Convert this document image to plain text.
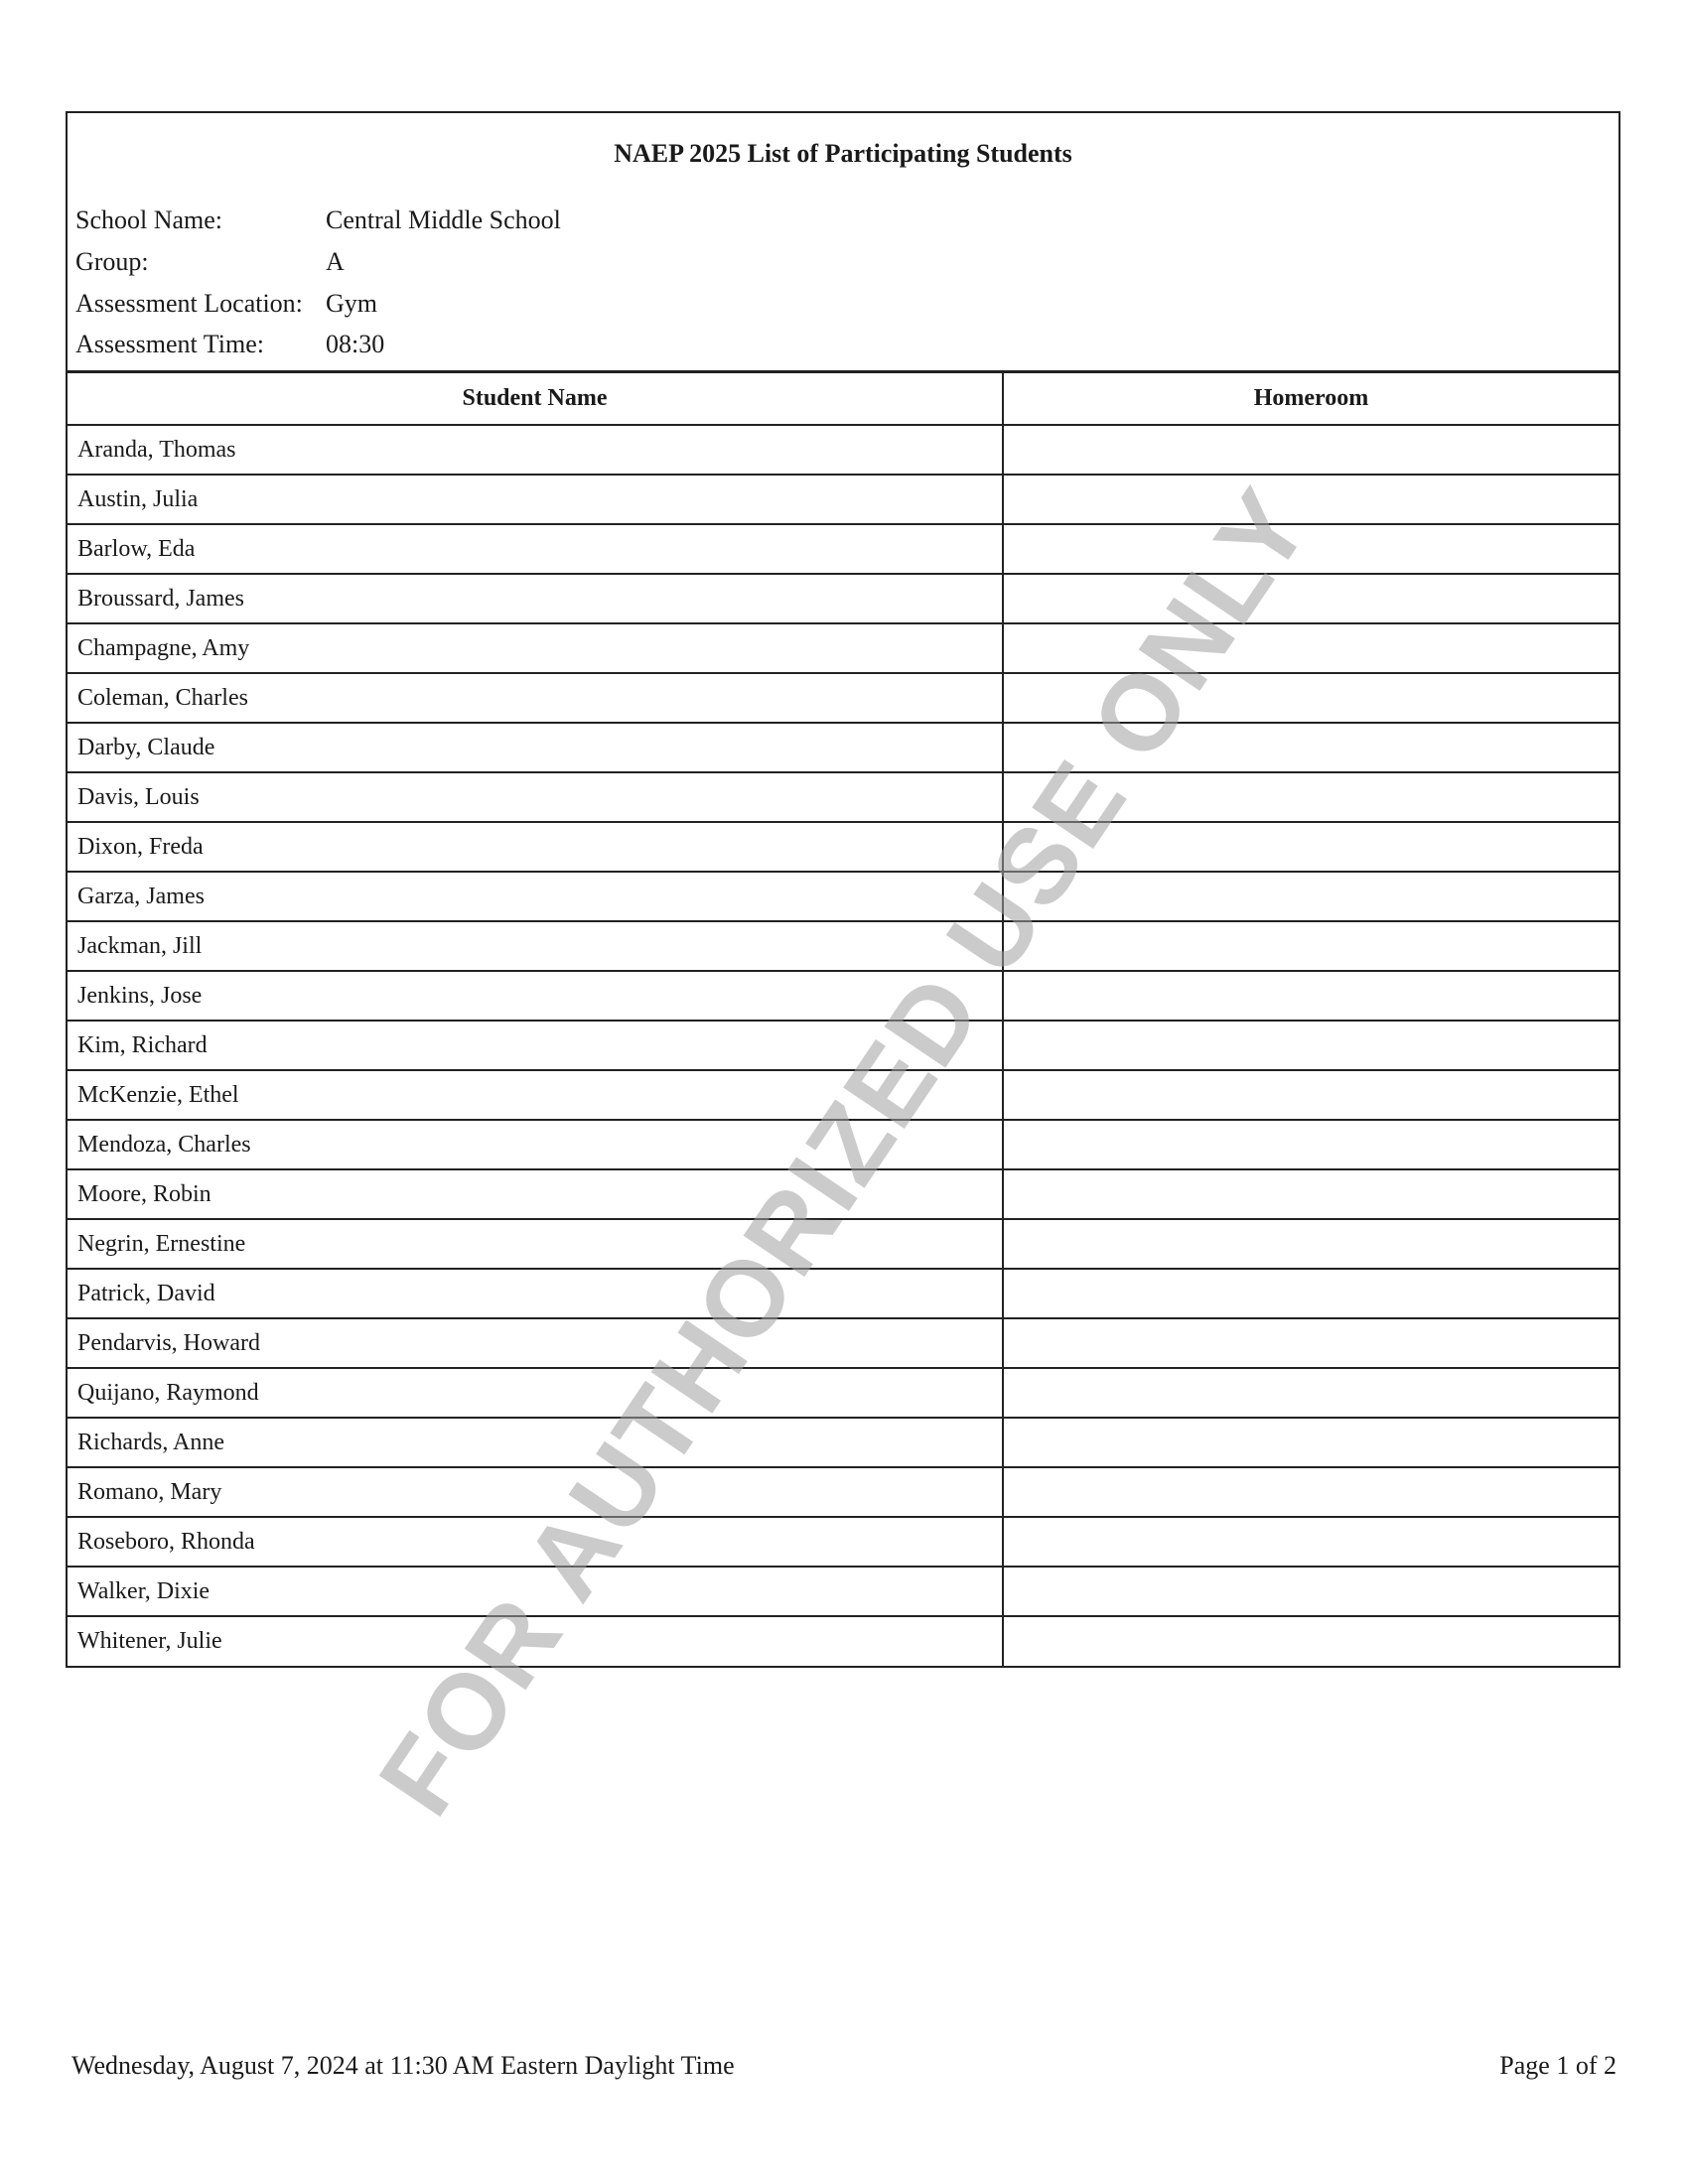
NAEP 2025 List of Participating Students
School Name:	Central Middle School
Group:	A
Assessment Location: Gym
Assessment Time: 08:30
Student Name	Homeroom
Aranda, Thomas	
Austin, Julia	
Barlow, Eda	
Broussard, James	
Champagne, Amy	
Coleman, Charles	
Darby, Claude	
Davis, Louis	
Dixon, Freda	
Garza, James	
Jackman, Jill	
Jenkins, Jose	
Kim, Richard	
McKenzie, Ethel	
Mendoza, Charles	
Moore, Robin	
Negrin, Ernestine	
Patrick, David	
Pendarvis, Howard	
Quijano, Raymond	
Richards, Anne	
Romano, Mary	
Roseboro, Rhonda	
Walker, Dixie	
Whitener, Julie	
Wednesday, August 7, 2024 at 11:30 AM Eastern Daylight Time	Page 1 of 2
FOR AUTHORIZED USE ONLY
